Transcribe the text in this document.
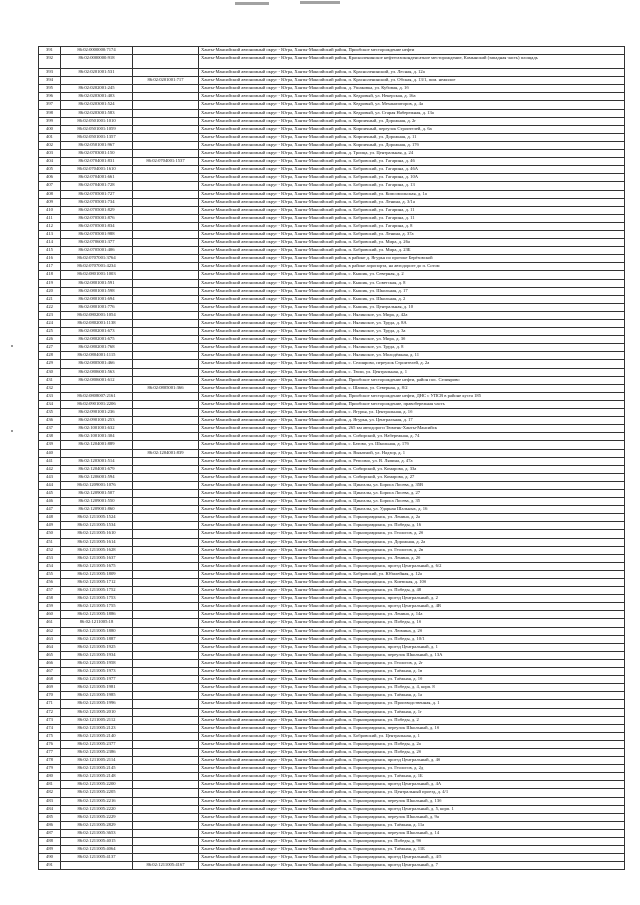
391	86:02:0000000:7174		Ханты-Мансийский автономный округ - Югра, Ханты-Мансийский район, Приобское месторождение нефти
392	86:02:0000000:918		Ханты-Мансийский автономный округ - Югра, Ханты-Мансийский район, Красноленинское нефтегазоконденсатное месторождение, Камынский (западная часть) площадь
393	86:02:0201001:531		Ханты-Мансийский автономный округ - Югра, Ханты-Мансийский район, п. Красноленинский, ул. Лесная, д. 12а
394		86:02:0201001:717	Ханты-Мансийский автономный округ - Югра, Ханты-Мансийский район, п. Красноленинский, ул. Обская, д. 13/1, пом. нежилое
395	86:02:0202001:245		Ханты-Мансийский автономный округ - Югра, Ханты-Мансийский район, д. Ушаковка, ул. Кубовая, д. 1б
396	86:02:0203001:403		Ханты-Мансийский автономный округ - Югра, Ханты-Мансийский район, п. Кедровый, ул. Некерская, д. 16а
397	86:02:0203001:524		Ханты-Мансийский автономный округ - Югра, Ханты-Мансийский район, п. Кедровый, ул. Механизаторов, д. 4а
398	86:02:0203001:583		Ханты-Мансийский автономный округ - Югра, Ханты-Мансийский район, п. Кедровый, ул. Старая Набережная, д. 13а
399	86:02:0501001:1010		Ханты-Мансийский автономный округ - Югра, Ханты-Мансийский район, п. Кирпичный, ул. Дорожная, д. 2г
400	86:02:0501001:1059		Ханты-Мансийский автономный округ - Югра, Ханты-Мансийский район, п. Кирпичный, переулок Строителей, д. 6а
401	86:02:0501001:1357		Ханты-Мансийский автономный округ - Югра, Ханты-Мансийский район, п. Кирпичный, ул. Дорожная, д. 11
402	86:02:0501001:967		Ханты-Мансийский автономный округ - Югра, Ханты-Мансийский район, п. Кирпичный, ул. Дорожная, д. 17б
403	86:02:0703001:150		Ханты-Мансийский автономный округ - Югра, Ханты-Мансийский район, д. Троица, ул. Центральная, д. 24
404	86:02:0704001:831	86:02:0704001:1537	Ханты-Мансийский автономный округ - Югра, Ханты-Мансийский район, п. Бобровский, ул. Гагарина, д. 46
405	86:02:0704001:1610		Ханты-Мансийский автономный округ - Югра, Ханты-Мансийский район, п. Бобровский, ул. Гагарина, д. 46А
406	86:02:0704001:661		Ханты-Мансийский автономный округ - Югра, Ханты-Мансийский район, п. Бобровский, ул. Гагарина, д. 10А
407	86:02:0704001:728		Ханты-Мансийский автономный округ - Югра, Ханты-Мансийский район, п. Бобровский, ул. Гагарина, д. 13
408	86:02:0705001:727		Ханты-Мансийский автономный округ - Югра, Ханты-Мансийский район, п. Бобровский, ул. Комсомольская, д. 1а
409	86:02:0705001:734		Ханты-Мансийский автономный округ - Югра, Ханты-Мансийский район, п. Бобровский, ул. Ленина, д. 3/1а
410	86:02:0705001:829		Ханты-Мансийский автономный округ - Югра, Ханты-Мансийский район, п. Бобровский, ул. Гагарина, д. 11
411	86:02:0705001:876		Ханты-Мансийский автономный округ - Югра, Ханты-Мансийский район, п. Бобровский, ул. Гагарина, д. 11
412	86:02:0705001:834		Ханты-Мансийский автономный округ - Югра, Ханты-Мансийский район, п. Бобровский, ул. Гагарина, д. 8
413	86:02:0705001:988		Ханты-Мансийский автономный округ - Югра, Ханты-Мансийский район, п. Бобровский, ул. Ленина, д. 37а
414	86:02:0706001:377		Ханты-Мансийский автономный округ - Югра, Ханты-Мансийский район, п. Бобровский, ул. Мира, д. 26а
415	86:02:0705001:406		Ханты-Мансийский автономный округ - Югра, Ханты-Мансийский район, п. Бобровский, ул. Мира, д. 23Б
416	86:02:0707001:3764		Ханты-Мансийский автономный округ - Югра, Ханты-Мансийский район, в районе д. Ягурья по протоке Берёзовской
417	86:02:0707001:4234		Ханты-Мансийский автономный округ - Югра, Ханты-Мансийский район, в районе аэропорта, на автодороге до п. Сотом
418	86:02:0801001:1003		Ханты-Мансийский автономный округ - Югра, Ханты-Мансийский район, с. Кышик, ул. Северная, д. 2
419	86:02:0801001:591		Ханты-Мансийский автономный округ - Югра, Ханты-Мансийский район, с. Кышик, ул. Советская, д. 8
420	86:02:0801001:598		Ханты-Мансийский автономный округ - Югра, Ханты-Мансийский район, с. Кышик, ул. Школьная, д. 17
421	86:02:0801001:694		Ханты-Мансийский автономный округ - Югра, Ханты-Мансийский район, с. Кышик, ул. Школьная, д. 2
422	86:02:0801001:776		Ханты-Мансийский автономный округ - Югра, Ханты-Мансийский район, с. Кышик, ул. Центральная, д. 10
423	86:02:0802001:1054		Ханты-Мансийский автономный округ - Югра, Ханты-Мансийский район, с. Нялинское, ул. Мира, д. 42а
424	86:02:0802001:1138		Ханты-Мансийский автономный округ - Югра, Ханты-Мансийский район, с. Нялинское, ул. Труда, д. 8А
425	86:02:0802001:673		Ханты-Мансийский автономный округ - Югра, Ханты-Мансийский район, с. Нялинское, ул. Труда, д. 3а
426	86:02:0802001:675		Ханты-Мансийский автономный округ - Югра, Ханты-Мансийский район, с. Нялинское, ул. Мира, д. 3б
427	86:02:0802001:768		Ханты-Мансийский автономный округ - Югра, Ханты-Мансийский район, с. Нялинское, ул. Труда, д. 8
428	86:02:0804001:1115		Ханты-Мансийский автономный округ - Югра, Ханты-Мансийский район, с. Нялинское, ул. Молодёжная, д. 11
429	86:02:0805001:466		Ханты-Мансийский автономный округ - Югра, Ханты-Мансийский район, с. Селиярово, переулок Строителей, д. 2а
430	86:02:0806001:563		Ханты-Мансийский автономный округ - Югра, Ханты-Мансийский район, с. Тюли, ул. Центральная, д. 1
431	86:02:0806001:612		Ханты-Мансийский автономный округ - Югра, Ханты-Мансийский район, Приобское месторождение нефти, район пос. Селиярово
432		86:02:0805001:366	Ханты-Мансийский автономный округ - Югра, Ханты-Мансийский район, с. Шапша, ул. Северная, д. 8/2
433	86:02:0808007:2161		Ханты-Мансийский автономный округ - Югра, Ханты-Мансийский район, Приобское месторождение нефти, ДНС с УПСВ в районе куста 185
434	86:02:0901001:2206		Ханты-Мансийский автономный округ - Югра, Ханты-Мансийский район, Приобское месторождение, правобережная часть
435	86:02:0901001:236		Ханты-Мансийский автономный округ - Югра, Ханты-Мансийский район, с. Ягурья, ул. Центральная, д. 1б
436	86:02:0901001:253		Ханты-Мансийский автономный округ - Югра, Ханты-Мансийский район, д. Ягурья, ул. Центральная, д. 17
437	86:02:1001001:632		Ханты-Мансийский автономный округ - Югра, Ханты-Мансийский район, 265 км автодороги Тюмень-Ханты-Мансийск
438	86:02:1001001:304		Ханты-Мансийский автономный округ - Югра, Ханты-Мансийский район, п. Сибирский, ул. Набережная, д. 74
439	86:02:1204001:889		Ханты-Мансийский автономный округ - Югра, Ханты-Мансийский район, с. Батово, ул. Школьная, д. 17б
440		86:02:1204001:839	Ханты-Мансийский автономный округ - Югра, Ханты-Мансийский район, п. Выкатной, ул. Надзор, д. 1
441	86:02:1203001:514		Ханты-Мансийский автономный округ - Югра, Ханты-Мансийский район, п. Репсимо, ул. В. Ляпина, д. 47а
442	86:02:1204001:679		Ханты-Мансийский автономный округ - Югра, Ханты-Мансийский район, п. Сибирский, ул. Комарова, д. 33а
443	86:02:1206001:594		Ханты-Мансийский автономный округ - Югра, Ханты-Мансийский район, п. Сибирский, ул. Комарова, д. 27
444	86:02:1209001:1076		Ханты-Мансийский автономный округ - Югра, Ханты-Мансийский район, п. Цингалы, ул. Бориса Лосева, д. 35В
445	86:02:1209001:507		Ханты-Мансийский автономный округ - Югра, Ханты-Мансийский район, п. Цингалы, ул. Бориса Лосева, д. 27
446	86:02:1209001:550		Ханты-Мансийский автономный округ - Югра, Ханты-Мансийский район, п. Цингалы, ул. Бориса Лосева, д. 35
447	86:02:1209001:860		Ханты-Мансийский автономный округ - Югра, Ханты-Мансийский район, п. Цингалы, ул. Ударная Шальных, д. 16
448	86:02:1211005:1524		Ханты-Мансийский автономный округ - Югра, Ханты-Мансийский район, п. Горноправдинск, ул. Ленина, д. 2а
449	86:02:1211005:1534		Ханты-Мансийский автономный округ - Югра, Ханты-Мансийский район, п. Горноправдинск, ул. Победы, д. 16
450	86:02:1211005:1610		Ханты-Мансийский автономный округ - Югра, Ханты-Мансийский район, п. Горноправдинск, ул. Геологов, д. 2б
451	86:02:1211005:1614		Ханты-Мансийский автономный округ - Югра, Ханты-Мансийский район, п. Горноправдинск, ул. Дорожная, д. 2а
452	86:02:1211005:1628		Ханты-Мансийский автономный округ - Югра, Ханты-Мансийский район, п. Горноправдинск, ул. Геологов, д. 2в
453	86:02:1211005:1637		Ханты-Мансийский автономный округ - Югра, Ханты-Мансийский район, п. Горноправдинск, ул. Ленина, д. 2б
454	86:02:1211005:1675		Ханты-Мансийский автономный округ - Югра, Ханты-Мансийский район, п. Горноправдинск, проезд Центральный, д. 6/2
455	86:02:1211005:1809		Ханты-Мансийский автономный округ - Югра, Ханты-Мансийский район, п. Бобровский, ул. Юбилейная, д. 12а
456	86:02:1211005:1712		Ханты-Мансийский автономный округ - Югра, Ханты-Мансийский район, п. Горноправдинск, ул. Киевская, д. 10б
457	86:02:1211005:1752		Ханты-Мансийский автономный округ - Югра, Ханты-Мансийский район, п. Горноправдинск, ул. Победы, д. 48
458	86:02:1211005:1753		Ханты-Мансийский автономный округ - Югра, Ханты-Мансийский район, п. Горноправдинск, проезд Центральный, д. 2
459	86:02:1211005:1755		Ханты-Мансийский автономный округ - Югра, Ханты-Мансийский район, п. Горноправдинск, проезд Центральный, д. 4В
460	86:02:1211005:1886		Ханты-Мансийский автономный округ - Югра, Ханты-Мансийский район, п. Горноправдинск, ул. Ленина, д. 14а
461	86:02:1211005:18		Ханты-Мансийский автономный округ - Югра, Ханты-Мансийский район, п. Горноправдинск, ул. Победы, д. 1б
462	86:02:1211005:1880		Ханты-Мансийский автономный округ - Югра, Ханты-Мансийский район, п. Горноправдинск, ул. Люмина, д. 2б
463	86:02:1211005:1887		Ханты-Мансийский автономный округ - Югра, Ханты-Мансийский район, п. Горноправдинск, ул. Победы, д. 10/1
464	86:02:1211005:1925		Ханты-Мансийский автономный округ - Югра, Ханты-Мансийский район, п. Горноправдинск, проезд Центральный, д. 1
465	86:02:1211005:1934		Ханты-Мансийский автономный округ - Югра, Ханты-Мансийский район, п. Горноправдинск, переулок Школьный, д. 13А
466	86:02:1211005:1958		Ханты-Мансийский автономный округ - Югра, Ханты-Мансийский район, п. Горноправдинск, ул. Геологов, д. 2г
467	86:02:1211005:1973		Ханты-Мансийский автономный округ - Югра, Ханты-Мансийский район, п. Горноправдинск, ул. Таёжная, д. 1в
468	86:02:1211005:1977		Ханты-Мансийский автономный округ - Югра, Ханты-Мансийский район, п. Горноправдинск, ул. Таёжная, д. 1б
469	86:02:1211005:1981		Ханты-Мансийский автономный округ - Югра, Ханты-Мансийский район, п. Горноправдинск, ул. Победы, д. 4, корп. 8
470	86:02:1211005:1985		Ханты-Мансийский автономный округ - Югра, Ханты-Мансийский район, п. Горноправдинск, ул. Таёжная, д. 1а
471	86:02:1211005:1996		Ханты-Мансийский автономный округ - Югра, Ханты-Мансийский район, п. Горноправдинск, ул. Производственная, д. 1
472	86:02:1211005:2010		Ханты-Мансийский автономный округ - Югра, Ханты-Мансийский район, п. Горноправдинск, ул. Таёжная, д. 1г
473	86:02:1211005:2112		Ханты-Мансийский автономный округ - Югра, Ханты-Мансийский район, п. Горноправдинск, ул. Победы, д. 2
474	86:02:1211005:2123		Ханты-Мансийский автономный округ - Югра, Ханты-Мансийский район, п. Горноправдинск, переулок Школьный, д. 1б
475	86:02:1211005:2140		Ханты-Мансийский автономный округ - Югра, Ханты-Мансийский район, п. Бобровский, ул. Центральная, д. 1
476	86:02:1211005:2377		Ханты-Мансийский автономный округ - Югра, Ханты-Мансийский район, п. Горноправдинск, ул. Победы, д. 2а
477	86:02:1211005:2386		Ханты-Мансийский автономный округ - Югра, Ханты-Мансийский район, п. Горноправдинск, ул. Победы, д. 2б
478	86:02:1211005:2114		Ханты-Мансийский автономный округ - Югра, Ханты-Мансийский район, п. Горноправдинск, проезд Центральный, д. 4б
479	86:02:1211005:2145		Ханты-Мансийский автономный округ - Югра, Ханты-Мансийский район, п. Горноправдинск, ул. Геологов, д. 2д
480	86:02:1211005:2148		Ханты-Мансийский автономный округ - Югра, Ханты-Мансийский район, п. Горноправдинск, ул. Таёжная, д. 1Б
481	86:02:1211005:2200		Ханты-Мансийский автономный округ - Югра, Ханты-Мансийский район, п. Горноправдинск, проезд Центральный, д. 4А
482	86:02:1211005:2205		Ханты-Мансийский автономный округ - Югра, Ханты-Мансийский район, п. Горноправдинск, ул. Центральный проезд, д. 4/1
483	86:02:1211005:2216		Ханты-Мансийский автономный округ - Югра, Ханты-Мансийский район, п. Горноправдинск, переулок Школьный, д. 13б
484	86:02:1211005:2220		Ханты-Мансийский автономный округ - Югра, Ханты-Мансийский район, п. Горноправдинск, проезд Центральный, д. 5, корп. 1
485	86:02:1211005:2229		Ханты-Мансийский автономный округ - Югра, Ханты-Мансийский район, п. Горноправдинск, переулок Школьный, д. 9а
486	86:02:1211005:2829		Ханты-Мансийский автономный округ - Югра, Ханты-Мансийский район, п. Горноправдинск, ул. Таёжная, д. 11а
487	86:02:1211005:3653		Ханты-Мансийский автономный округ - Югра, Ханты-Мансийский район, п. Горноправдинск, переулок Школьный, д. 14
488	86:02:1211005:4015		Ханты-Мансийский автономный округ - Югра, Ханты-Мансийский район, п. Горноправдинск, ул. Победы, д. 9б
489	86:02:1211005:4064		Ханты-Мансийский автономный округ - Югра, Ханты-Мансийский район, п. Горноправдинск, ул. Таёжная, д. 11Б
490	86:02:1211005:4137		Ханты-Мансийский автономный округ - Югра, Ханты-Мансийский район, п. Горноправдинск, проезд Центральный, д. 4/5
491		86:02:1211005:4167	Ханты-Мансийский автономный округ - Югра, Ханты-Мансийский район, п. Горноправдинск, проезд Центральный, д. 7
